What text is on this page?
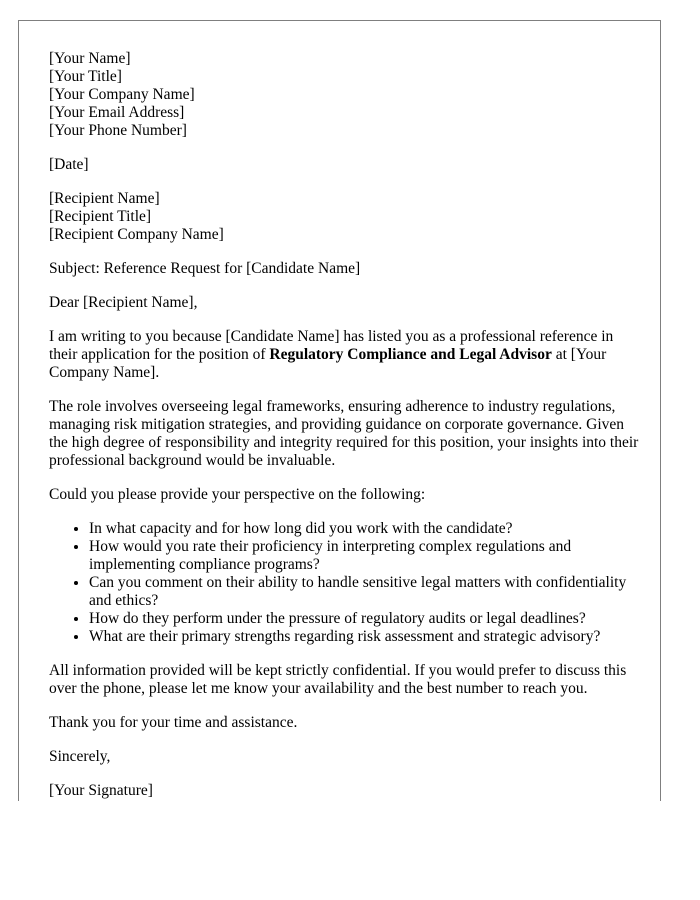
[Your Name]
[Your Title]
[Your Company Name]
[Your Email Address]
[Your Phone Number]

[Date]

[Recipient Name]
[Recipient Title]
[Recipient Company Name]

Subject: Reference Request for [Candidate Name]

Dear [Recipient Name],

I am writing to you because [Candidate Name] has listed you as a professional reference in their application for the position of Regulatory Compliance and Legal Advisor at [Your Company Name].

The role involves overseeing legal frameworks, ensuring adherence to industry regulations, managing risk mitigation strategies, and providing guidance on corporate governance. Given the high degree of responsibility and integrity required for this position, your insights into their professional background would be invaluable.

Could you please provide your perspective on the following:

• In what capacity and for how long did you work with the candidate?
• How would you rate their proficiency in interpreting complex regulations and implementing compliance programs?
• Can you comment on their ability to handle sensitive legal matters with confidentiality and ethics?
• How do they perform under the pressure of regulatory audits or legal deadlines?
• What are their primary strengths regarding risk assessment and strategic advisory?

All information provided will be kept strictly confidential. If you would prefer to discuss this over the phone, please let me know your availability and the best number to reach you.

Thank you for your time and assistance.

Sincerely,

[Your Signature]
